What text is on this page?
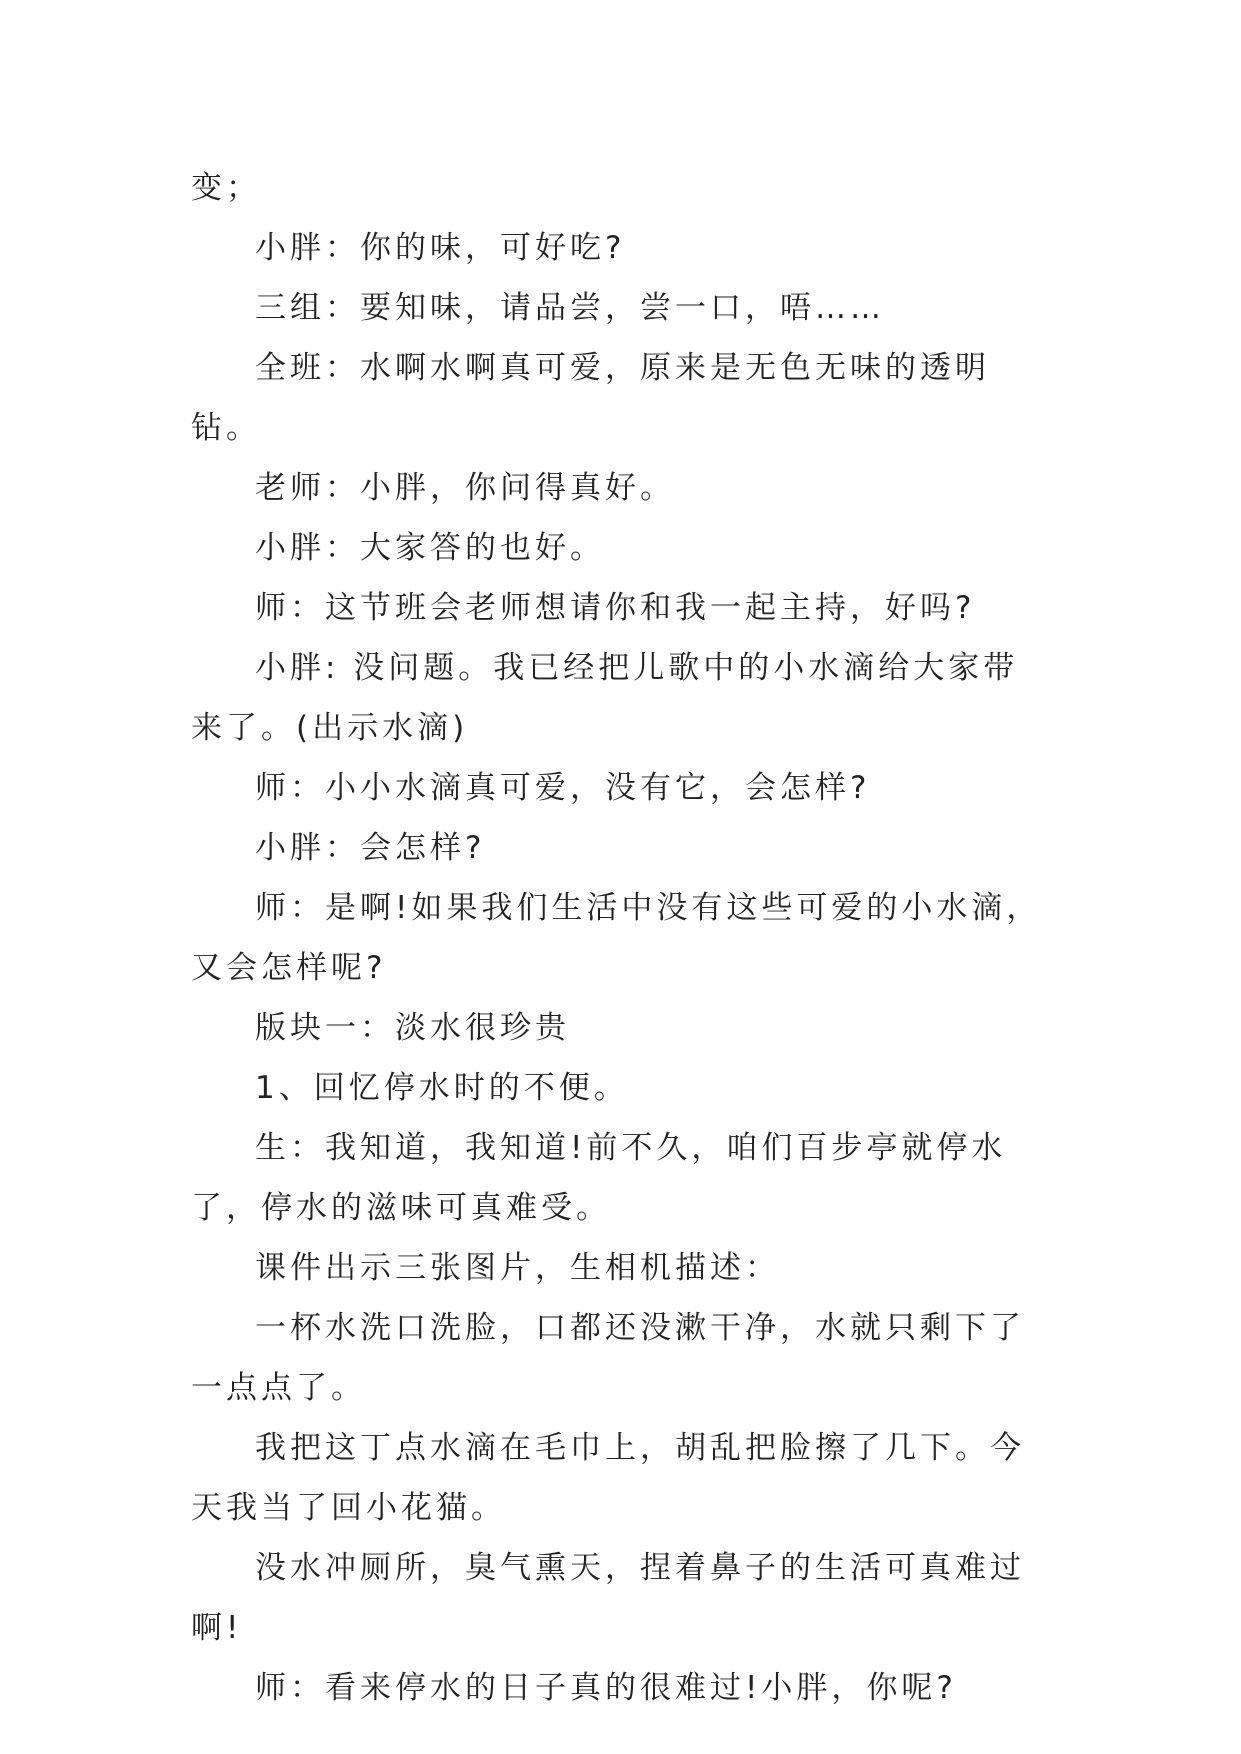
变；

小胖：你的味，可好吃?

三组：要知味，请品尝，尝一口，唔……

全班：水啊水啊真可爱，原来是无色无味的透明钻。

老师：小胖，你问得真好。

小胖：大家答的也好。

师：这节班会老师想请你和我一起主持，好吗?

小胖: 没问题。我已经把儿歌中的小水滴给大家带来了。(出示水滴)

师：小小水滴真可爱，没有它，会怎样?

小胖：会怎样?

师：是啊!如果我们生活中没有这些可爱的小水滴，又会怎样呢?

版块一：淡水很珍贵

1、回忆停水时的不便。

生：我知道，我知道!前不久，咱们百步亭就停水了，停水的滋味可真难受。

课件出示三张图片，生相机描述：

一杯水洗口洗脸，口都还没漱干净，水就只剩下了一点点了。

我把这丁点水滴在毛巾上，胡乱把脸擦了几下。今天我当了回小花猫。

没水冲厕所，臭气熏天，捏着鼻子的生活可真难过啊!

师：看来停水的日子真的很难过!小胖，你呢?
